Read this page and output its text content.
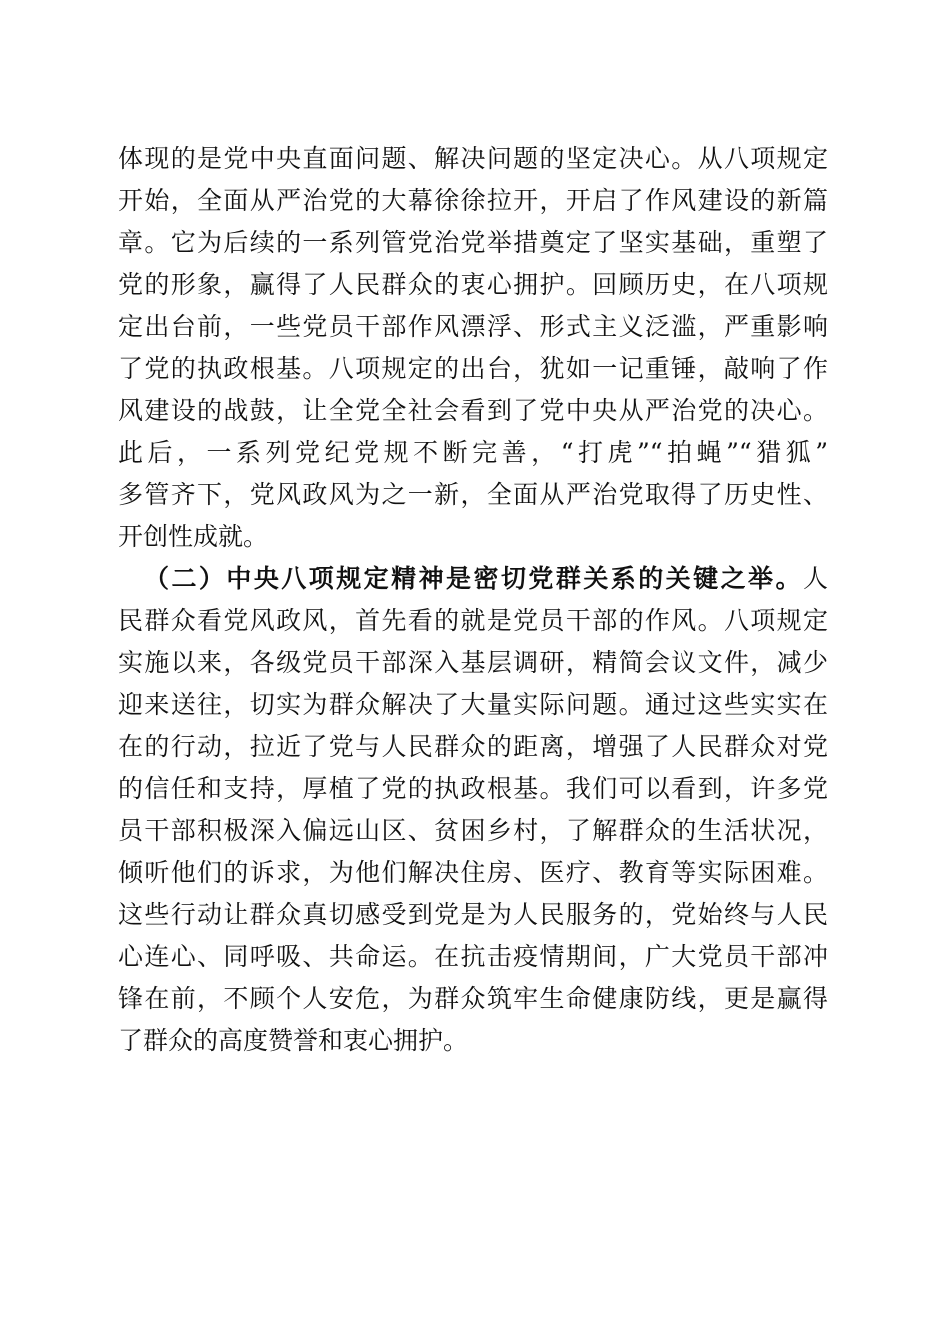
体现的是党中央直面问题、解决问题的坚定决心。从八项规定
开始，全面从严治党的大幕徐徐拉开，开启了作风建设的新篇
章。它为后续的一系列管党治党举措奠定了坚实基础，重塑了
党的形象，赢得了人民群众的衷心拥护。回顾历史，在八项规
定出台前，一些党员干部作风漂浮、形式主义泛滥，严重影响
了党的执政根基。八项规定的出台，犹如一记重锤，敲响了作
风建设的战鼓，让全党全社会看到了党中央从严治党的决心。
此后，一系列党纪党规不断完善，“打虎”“拍蝇”“猎狐”
多管齐下，党风政风为之一新，全面从严治党取得了历史性、
开创性成就。
（二）中央八项规定精神是密切党群关系的关键之举。人
民群众看党风政风，首先看的就是党员干部的作风。八项规定
实施以来，各级党员干部深入基层调研，精简会议文件，减少
迎来送往，切实为群众解决了大量实际问题。通过这些实实在
在的行动，拉近了党与人民群众的距离，增强了人民群众对党
的信任和支持，厚植了党的执政根基。我们可以看到，许多党
员干部积极深入偏远山区、贫困乡村，了解群众的生活状况，
倾听他们的诉求，为他们解决住房、医疗、教育等实际困难。
这些行动让群众真切感受到党是为人民服务的，党始终与人民
心连心、同呼吸、共命运。在抗击疫情期间，广大党员干部冲
锋在前，不顾个人安危，为群众筑牢生命健康防线，更是赢得
了群众的高度赞誉和衷心拥护。
